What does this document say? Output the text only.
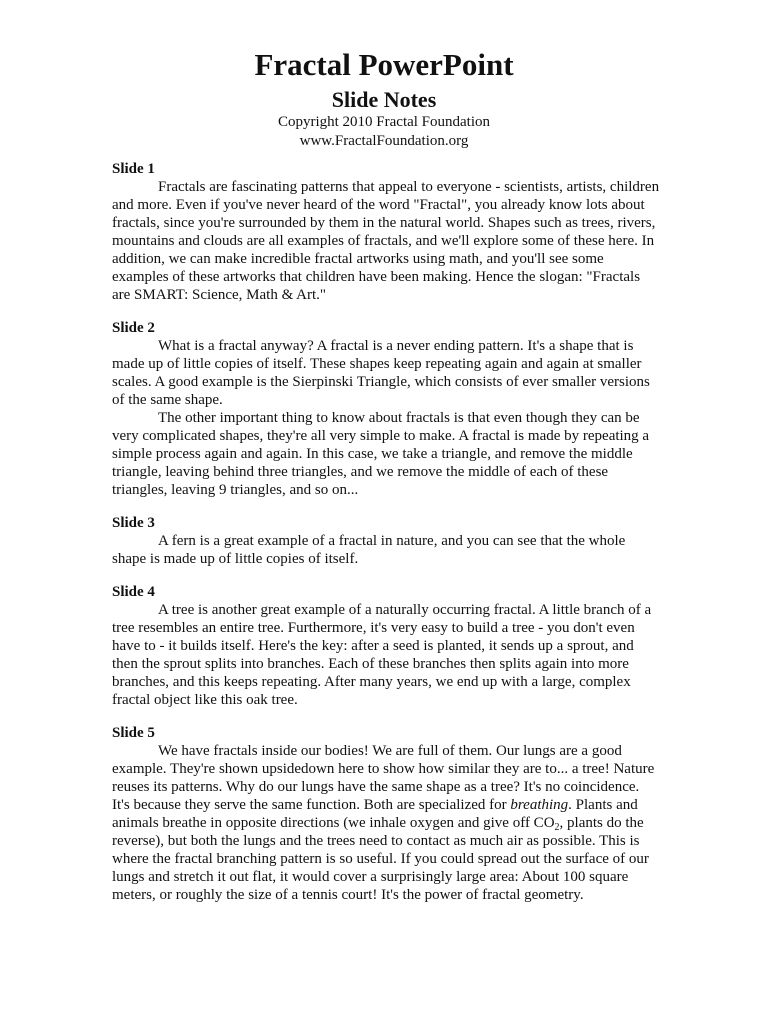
Fractal PowerPoint
Slide Notes

Copyright 2010 Fractal Foundation

www.FractalFoundation.org

Slide 1

Fractals are fascinating patterns that appeal to everyone - scientists, artists, children and more. Even if you've never heard of the word "Fractal", you already know lots about fractals, since you're surrounded by them in the natural world. Shapes such as trees, rivers, mountains and clouds are all examples of fractals, and we'll explore some of these here. In addition, we can make incredible fractal artworks using math, and you'll see some examples of these artworks that children have been making. Hence the slogan: "Fractals are SMART: Science, Math & Art."

Slide 2

What is a fractal anyway? A fractal is a never ending pattern. It's a shape that is made up of little copies of itself. These shapes keep repeating again and again at smaller scales. A good example is the Sierpinski Triangle, which consists of ever smaller versions of the same shape.

The other important thing to know about fractals is that even though they can be very complicated shapes, they're all very simple to make. A fractal is made by repeating a simple process again and again. In this case, we take a triangle, and remove the middle triangle, leaving behind three triangles, and we remove the middle of each of these triangles, leaving 9 triangles, and so on...

Slide 3

A fern is a great example of a fractal in nature, and you can see that the whole shape is made up of little copies of itself.

Slide 4

A tree is another great example of a naturally occurring fractal. A little branch of a tree resembles an entire tree. Furthermore, it's very easy to build a tree - you don't even have to - it builds itself. Here's the key: after a seed is planted, it sends up a sprout, and then the sprout splits into branches. Each of these branches then splits again into more branches, and this keeps repeating. After many years, we end up with a large, complex fractal object like this oak tree.

Slide 5

We have fractals inside our bodies! We are full of them. Our lungs are a good example. They're shown upsidedown here to show how similar they are to... a tree! Nature reuses its patterns. Why do our lungs have the same shape as a tree? It's no coincidence. It's because they serve the same function. Both are specialized for breathing. Plants and animals breathe in opposite directions (we inhale oxygen and give off $CO_2$, plants do the reverse), but both the lungs and the trees need to contact as much air as possible. This is where the fractal branching pattern is so useful. If you could spread out the surface of our lungs and stretch it out flat, it would cover a surprisingly large area: About 100 square meters, or roughly the size of a tennis court! It's the power of fractal geometry.
